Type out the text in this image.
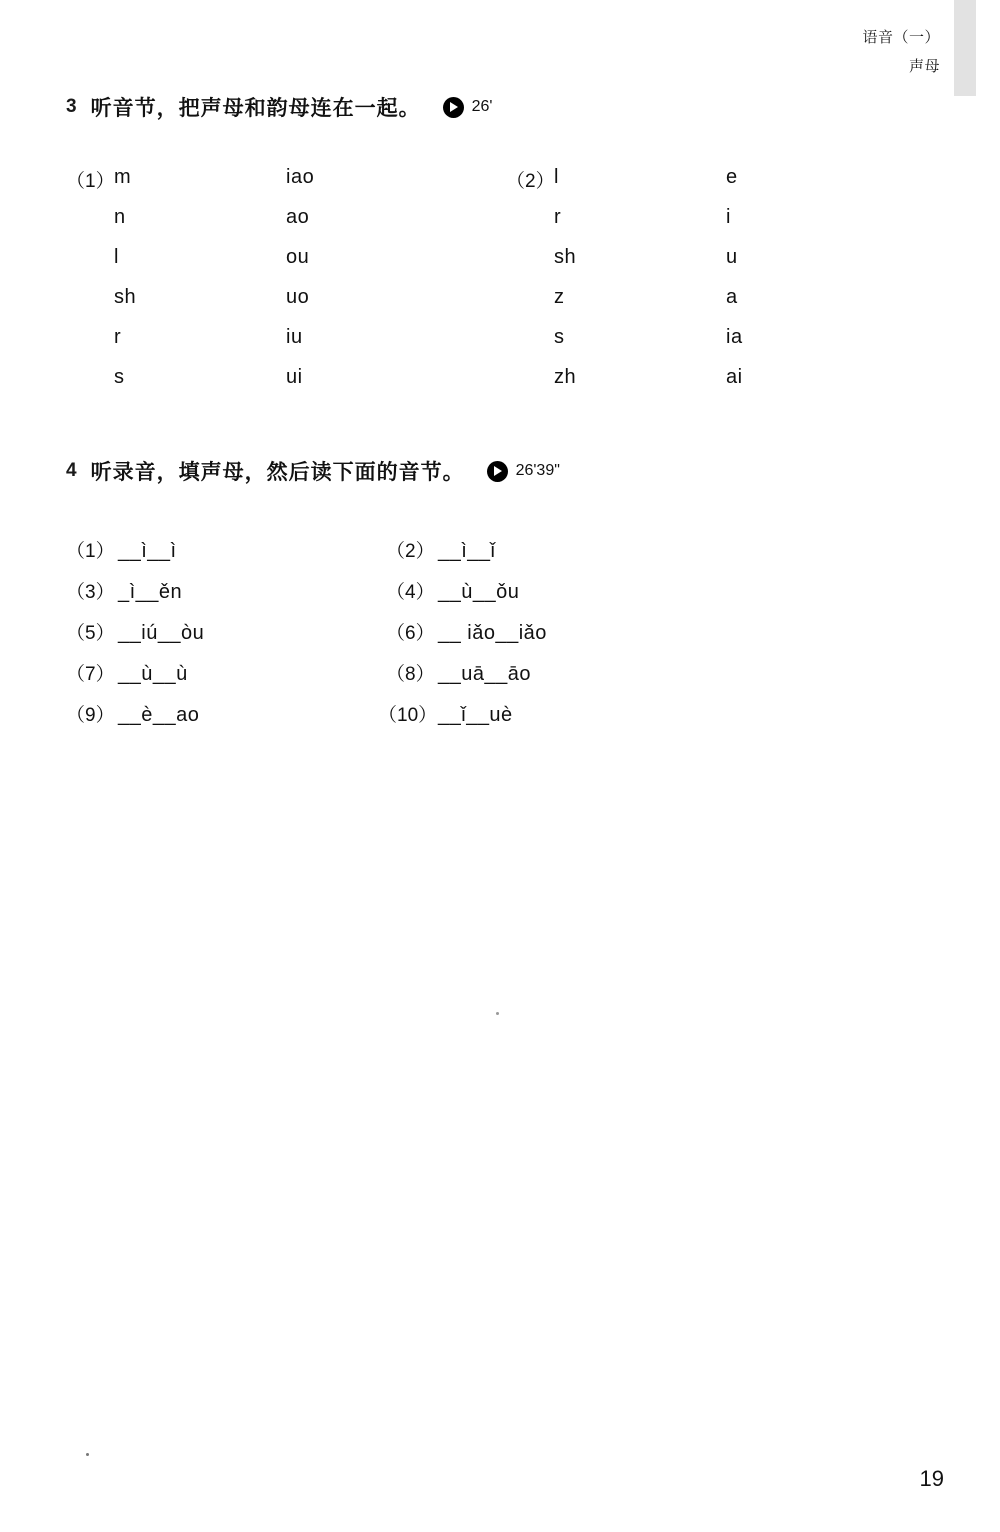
语音（一）
声母
3 听音节，把声母和韵母连在一起。	26'
（1） m	iao
n	ao
l	ou
sh	uo
r	iu
s	ui
（2） l	e
r	i
sh	u
z	a
s	ia
zh	ai
4 听录音，填声母，然后读下面的音节。	26'39"
（1） __ì__ì	（2） __ì__ǐ
（3） _ì__ěn	（4） __ù__ǒu
（5） __iú__òu	（6） __ iǎo__iǎo
（7） __ù__ù	（8） __uā__āo
（9） __è__ao	（10） __ǐ__uè
19
